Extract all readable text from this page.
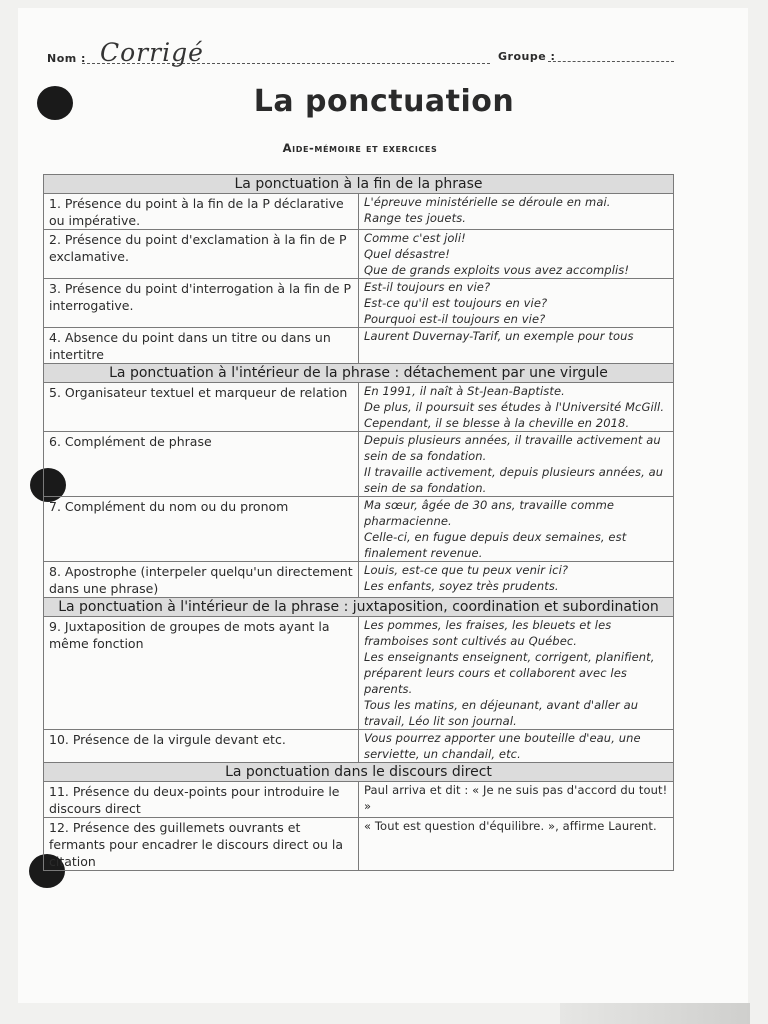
Nom : Corrigé	Groupe :
La ponctuation
Aide-mémoire et exercices
La ponctuation à la fin de la phrase	
1. Présence du point à la fin de la P déclarative ou impérative.	L'épreuve ministérielle se déroule en mai.
Range tes jouets.

2. Présence du point d'exclamation à la fin de P exclamative.	Comme c'est joli!
Quel désastre!
Que de grands exploits vous avez accomplis!

3. Présence du point d'interrogation à la fin de P interrogative.	Est-il toujours en vie?
Est-ce qu'il est toujours en vie?
Pourquoi est-il toujours en vie?

4. Absence du point dans un titre ou dans un intertitre	Laurent Duvernay-Tarif, un exemple pour tous

La ponctuation à l'intérieur de la phrase : détachement par une virgule	
5. Organisateur textuel et marqueur de relation	En 1991, il naît à St-Jean-Baptiste.
De plus, il poursuit ses études à l'Université McGill.
Cependant, il se blesse à la cheville en 2018.

6. Complément de phrase	Depuis plusieurs années, il travaille activement au sein de sa fondation.
Il travaille activement, depuis plusieurs années, au sein de sa fondation.

7. Complément du nom ou du pronom	Ma sœur, âgée de 30 ans, travaille comme pharmacienne.
Celle-ci, en fugue depuis deux semaines, est finalement revenue.

8. Apostrophe (interpeler quelqu'un directement dans une phrase)	Louis, est-ce que tu peux venir ici?
Les enfants, soyez très prudents.

La ponctuation à l'intérieur de la phrase : juxtaposition, coordination et subordination	
9. Juxtaposition de groupes de mots ayant la même fonction	Les pommes, les fraises, les bleuets et les framboises sont cultivés au Québec.
Les enseignants enseignent, corrigent, planifient, préparent leurs cours et collaborent avec les parents.
Tous les matins, en déjeunant, avant d'aller au travail, Léo lit son journal.

10. Présence de la virgule devant etc.	Vous pourrez apporter une bouteille d'eau, une serviette, un chandail, etc.

La ponctuation dans le discours direct	
11. Présence du deux-points pour introduire le discours direct	Paul arriva et dit : « Je ne suis pas d'accord du tout! »

12. Présence des guillemets ouvrants et fermants pour encadrer le discours direct ou la citation	« Tout est question d'équilibre. », affirme Laurent.
